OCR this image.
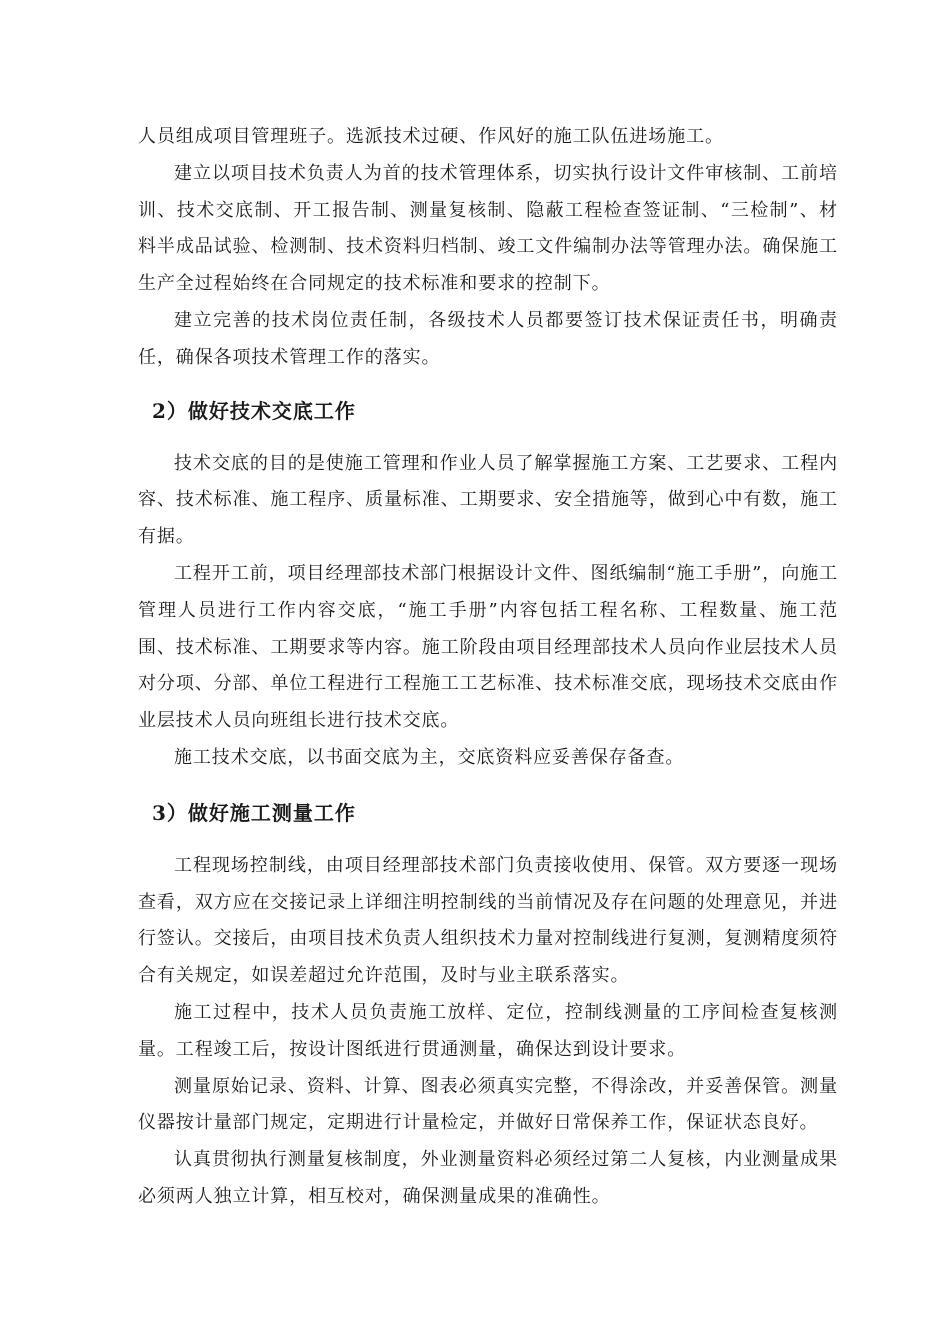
人员组成项目管理班子。选派技术过硬、作风好的施工队伍进场施工。

建立以项目技术负责人为首的技术管理体系，切实执行设计文件审核制、工前培训、技术交底制、开工报告制、测量复核制、隐蔽工程检查签证制、“三检制”、材料半成品试验、检测制、技术资料归档制、竣工文件编制办法等管理办法。确保施工生产全过程始终在合同规定的技术标准和要求的控制下。

建立完善的技术岗位责任制，各级技术人员都要签订技术保证责任书，明确责任，确保各项技术管理工作的落实。

2）做好技术交底工作

技术交底的目的是使施工管理和作业人员了解掌握施工方案、工艺要求、工程内容、技术标准、施工程序、质量标准、工期要求、安全措施等，做到心中有数，施工有据。

工程开工前，项目经理部技术部门根据设计文件、图纸编制“施工手册”，向施工管理人员进行工作内容交底，“施工手册”内容包括工程名称、工程数量、施工范围、技术标准、工期要求等内容。施工阶段由项目经理部技术人员向作业层技术人员对分项、分部、单位工程进行工程施工工艺标准、技术标准交底，现场技术交底由作业层技术人员向班组长进行技术交底。

施工技术交底，以书面交底为主，交底资料应妥善保存备查。

3）做好施工测量工作

工程现场控制线，由项目经理部技术部门负责接收使用、保管。双方要逐一现场查看，双方应在交接记录上详细注明控制线的当前情况及存在问题的处理意见，并进行签认。交接后，由项目技术负责人组织技术力量对控制线进行复测，复测精度须符合有关规定，如误差超过允许范围，及时与业主联系落实。

施工过程中，技术人员负责施工放样、定位，控制线测量的工序间检查复核测量。工程竣工后，按设计图纸进行贯通测量，确保达到设计要求。

测量原始记录、资料、计算、图表必须真实完整，不得涂改，并妥善保管。测量仪器按计量部门规定，定期进行计量检定，并做好日常保养工作，保证状态良好。

认真贯彻执行测量复核制度，外业测量资料必须经过第二人复核，内业测量成果必须两人独立计算，相互校对，确保测量成果的准确性。
